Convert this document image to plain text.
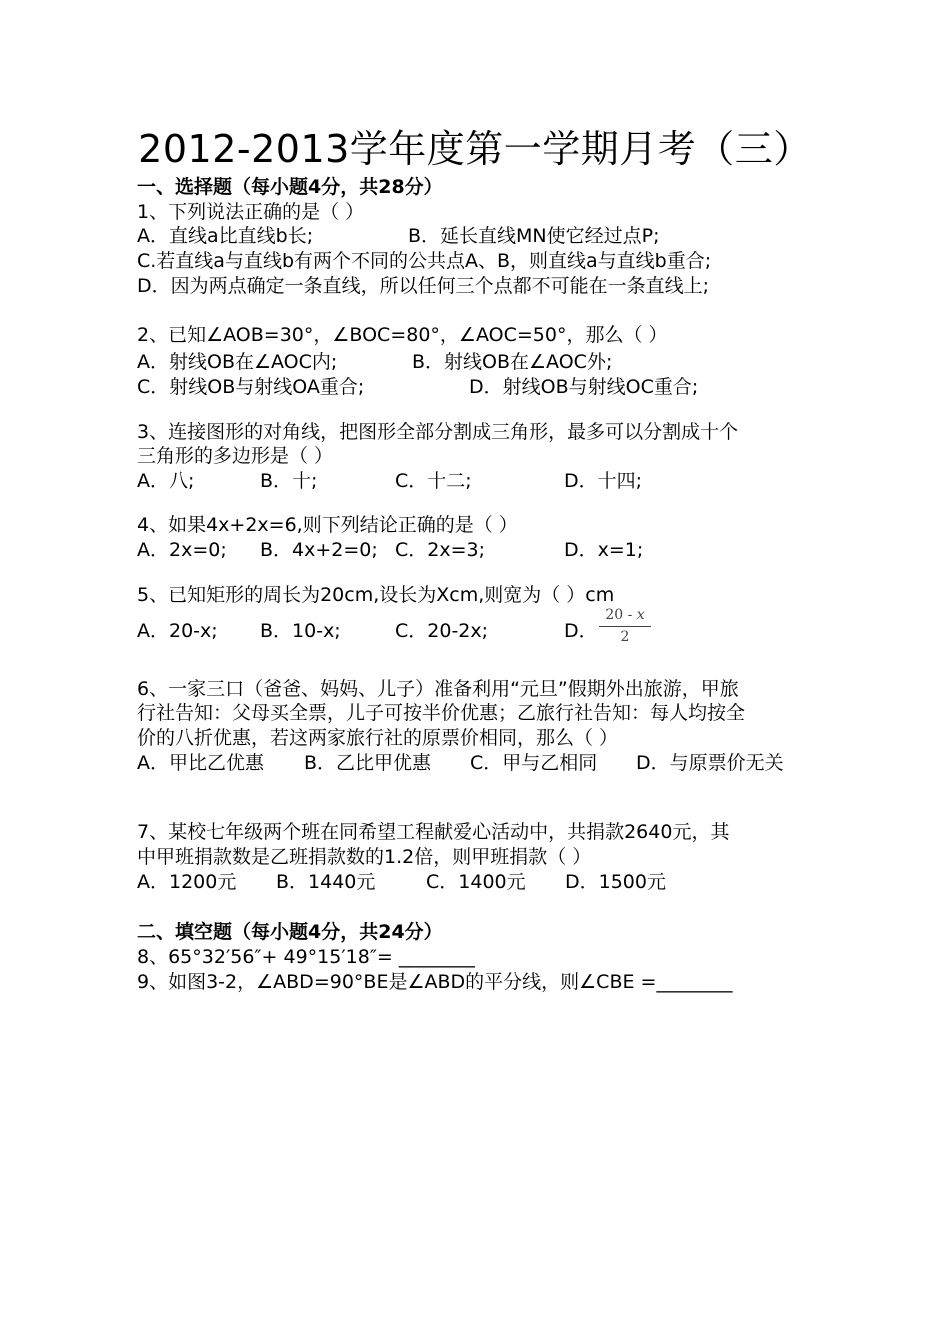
2012-2013学年度第一学期月考（三）
一、选择题（每小题4分，共28分）
1、下列说法正确的是（ ）
A．直线a比直线b长;	B．延长直线MN使它经过点P;
C.若直线a与直线b有两个不同的公共点A、B，则直线a与直线b重合;
D．因为两点确定一条直线，所以任何三个点都不可能在一条直线上;
2、已知∠AOB=30°，∠BOC=80°，∠AOC=50°，那么（ ）
A．射线OB在∠AOC内;	B．射线OB在∠AOC外;
C．射线OB与射线OA重合;	D．射线OB与射线OC重合;
3、连接图形的对角线，把图形全部分割成三角形，最多可以分割成十个
三角形的多边形是（ ）
A．八;	B．十;	C．十二;	D．十四;
4、如果4x+2x=6,则下列结论正确的是（ ）
A．2x=0; B．4x+2=0; C．2x=3;	D．x=1;
5、已知矩形的周长为20cm,设长为Xcm,则宽为（ ）cm
A．20-x; B．10-x;	C．20-2x;	D． $\frac{20 - x}{2}$
6、一家三口（爸爸、妈妈、儿子）准备利用“元旦”假期外出旅游，甲旅
行社告知：父母买全票，儿子可按半价优惠；乙旅行社告知：每人均按全
价的八折优惠，若这两家旅行社的原票价相同，那么（ ）
A．甲比乙优惠 B．乙比甲优惠 C．甲与乙相同 D．与原票价无关
7、某校七年级两个班在同希望工程献爱心活动中，共捐款2640元，其
中甲班捐款数是乙班捐款数的1.2倍，则甲班捐款（ ）
A．1200元 B．1440元	C．1400元 D．1500元
二、填空题（每小题4分，共24分）
8、65°32′56″+ 49°15′18″= ________
9、如图3-2，∠ABD=90°BE是∠ABD的平分线，则∠CBE =________
